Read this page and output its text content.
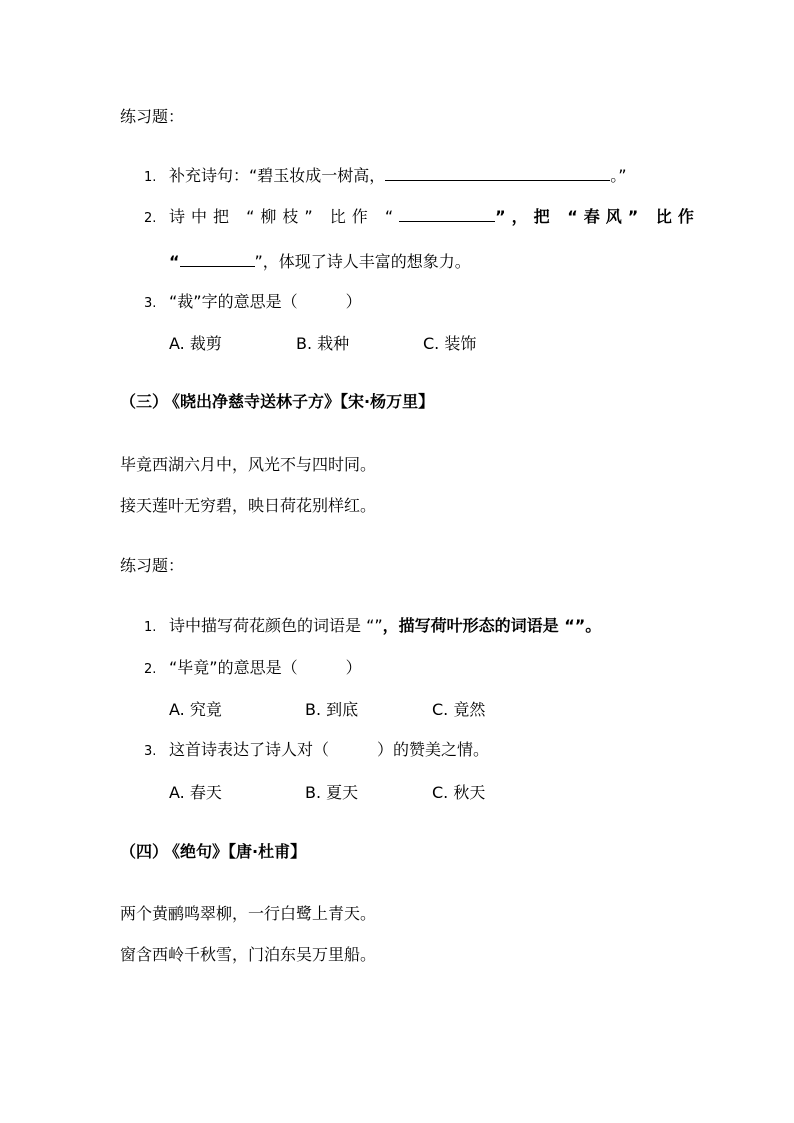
练习题：
1. 补充诗句：“碧玉妆成一树高，	。”
2. 诗中把 “柳枝” 比作 “	”，把 “春风” 比作
“	”，体现了诗人丰富的想象力。
3. “裁”字的意思是（　　　）
A. 裁剪	B. 栽种	C. 装饰
（三） 《晓出净慈寺送林子方》【宋·杨万里】
毕竟西湖六月中，风光不与四时同。
接天莲叶无穷碧，映日荷花别样红。
练习题：
1. 诗中描写荷花颜色的词语是 “”，描写荷叶形态的词语是 “”。
2. “毕竟”的意思是（　　　）
A. 究竟	B. 到底	C. 竟然
3. 这首诗表达了诗人对（　　　）的赞美之情。
A. 春天	B. 夏天	C. 秋天
（四） 《绝句》【唐·杜甫】
两个黄鹂鸣翠柳，一行白鹭上青天。
窗含西岭千秋雪，门泊东吴万里船。
